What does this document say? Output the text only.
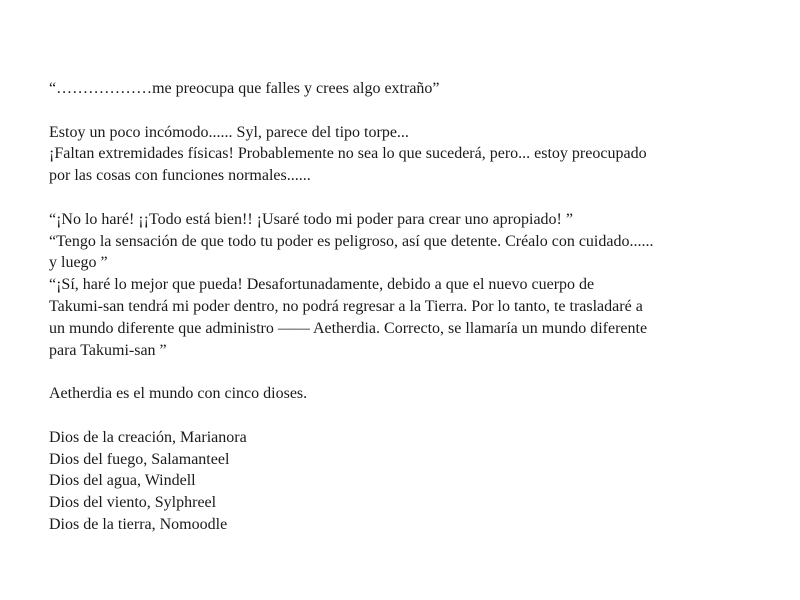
“………………me preocupa que falles y crees algo extraño”

Estoy un poco incómodo...... Syl, parece del tipo torpe...
¡Faltan extremidades físicas! Probablemente no sea lo que sucederá, pero... estoy preocupado
por las cosas con funciones normales......

“¡No lo haré! ¡¡Todo está bien!! ¡Usaré todo mi poder para crear uno apropiado! ”
“Tengo la sensación de que todo tu poder es peligroso, así que detente. Créalo con cuidado......
y luego ”
“¡Sí, haré lo mejor que pueda! Desafortunadamente, debido a que el nuevo cuerpo de
Takumi-san tendrá mi poder dentro, no podrá regresar a la Tierra. Por lo tanto, te trasladaré a
un mundo diferente que administro —— Aetherdia. Correcto, se llamaría un mundo diferente
para Takumi-san ”

Aetherdia es el mundo con cinco dioses.

Dios de la creación, Marianora
Dios del fuego, Salamanteel
Dios del agua, Windell
Dios del viento, Sylphreel
Dios de la tierra, Nomoodle
